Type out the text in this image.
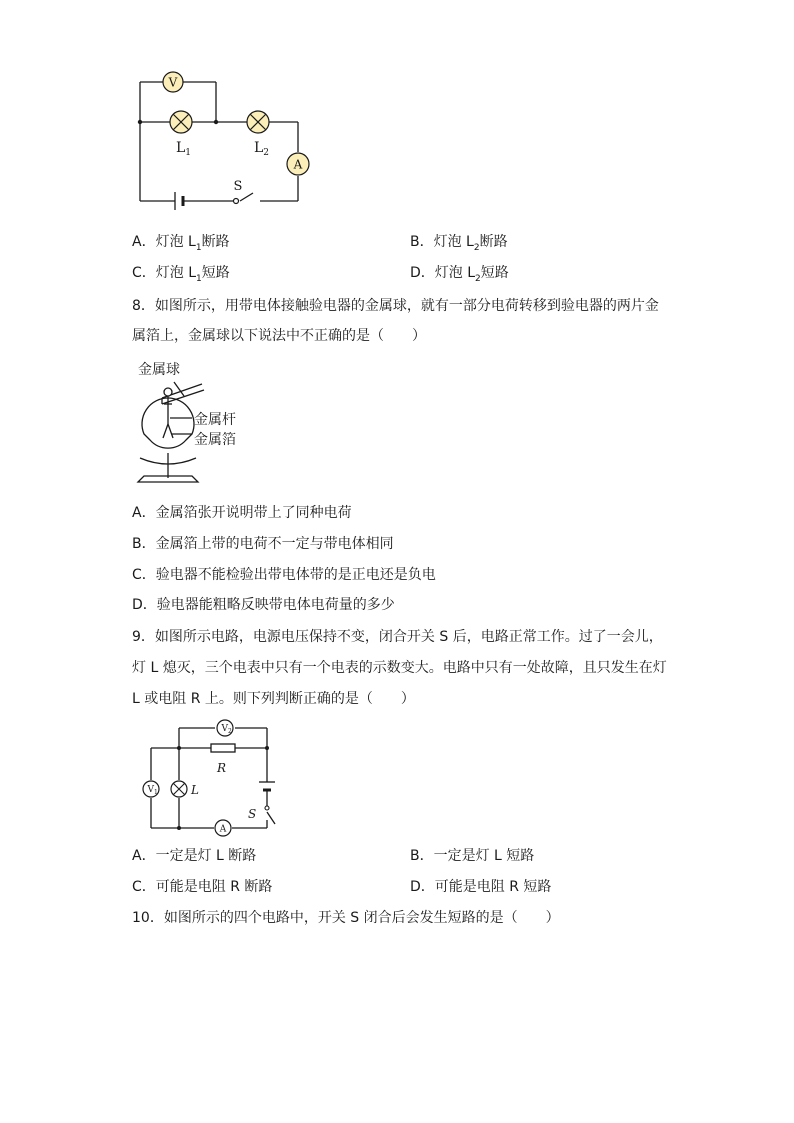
V
A
$L_1$	$L_2$
S
A．灯泡 $L_1$断路	B．灯泡 $L_2$断路
C．灯泡 $L_1$短路	D．灯泡 $L_2$短路
8．如图所示，用带电体接触验电器的金属球，就有一部分电荷转移到验电器的两片金
属箔上，金属球以下说法中不正确的是（　　）
金属球
金属杆
金属箔
A．金属箔张开说明带上了同种电荷
B．金属箔上带的电荷不一定与带电体相同
C．验电器不能检验出带电体带的是正电还是负电
D．验电器能粗略反映带电体电荷量的多少
9．如图所示电路，电源电压保持不变，闭合开关 S 后，电路正常工作。过了一会儿，
灯 L 熄灭，三个电表中只有一个电表的示数变大。电路中只有一处故障，且只发生在灯
L 或电阻 R 上。则下列判断正确的是（　　）
$V_2$
$V_1$
A
R
L
S
A．一定是灯 L 断路	B．一定是灯 L 短路
C．可能是电阻 R 断路	D．可能是电阻 R 短路
10．如图所示的四个电路中，开关 S 闭合后会发生短路的是（　　）
